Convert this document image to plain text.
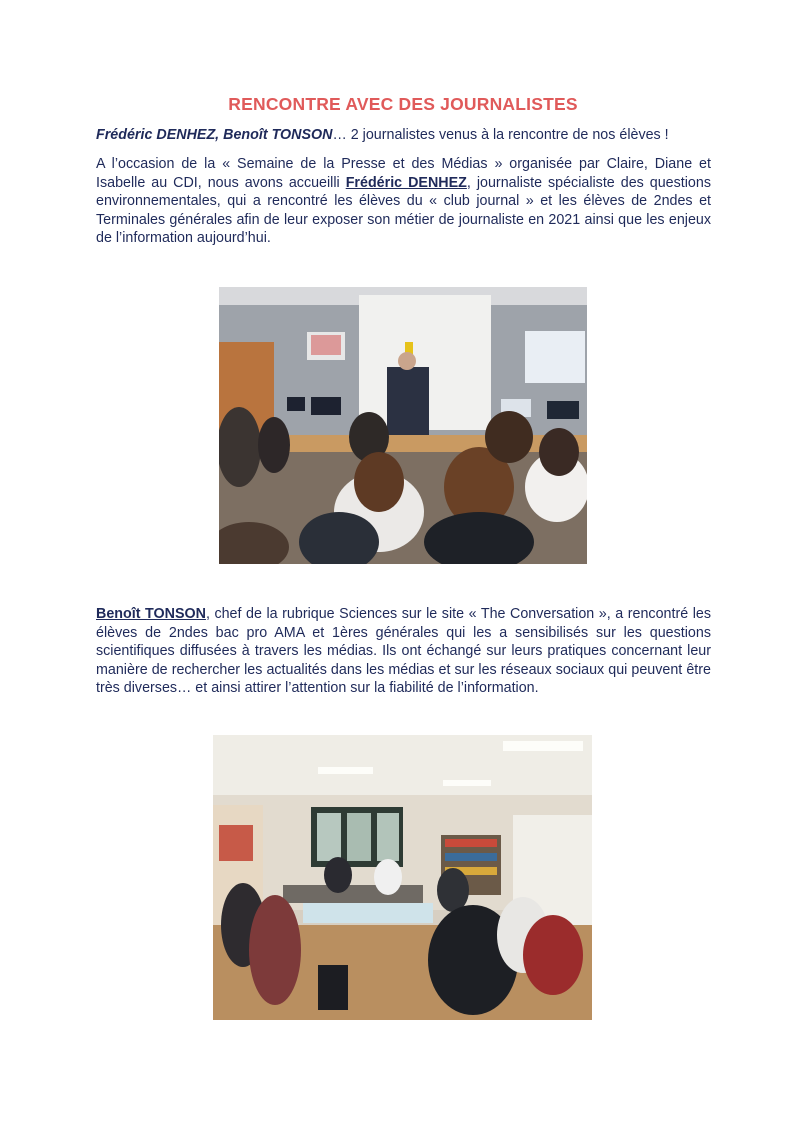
RENCONTRE AVEC DES JOURNALISTES
Frédéric DENHEZ, Benoît TONSON… 2 journalistes venus à la rencontre de nos élèves !
A l’occasion de la « Semaine de la Presse et des Médias » organisée par Claire, Diane et Isabelle au CDI, nous avons accueilli Frédéric DENHEZ, journaliste spécialiste des questions environnementales, qui a rencontré les élèves du « club journal » et les élèves de 2ndes et Terminales générales afin de leur exposer son métier de journaliste en 2021 ainsi que les enjeux de l’information aujourd’hui.
Benoît TONSON, chef de la rubrique Sciences sur le site « The Conversation », a rencontré les élèves de 2ndes bac pro AMA et 1ères générales qui les a sensibilisés sur les questions scientifiques diffusées à travers les médias. Ils ont échangé sur leurs pratiques concernant leur manière de rechercher les actualités dans les médias et sur les réseaux sociaux qui peuvent être très diverses… et ainsi attirer l’attention sur la fiabilité de l’information.
